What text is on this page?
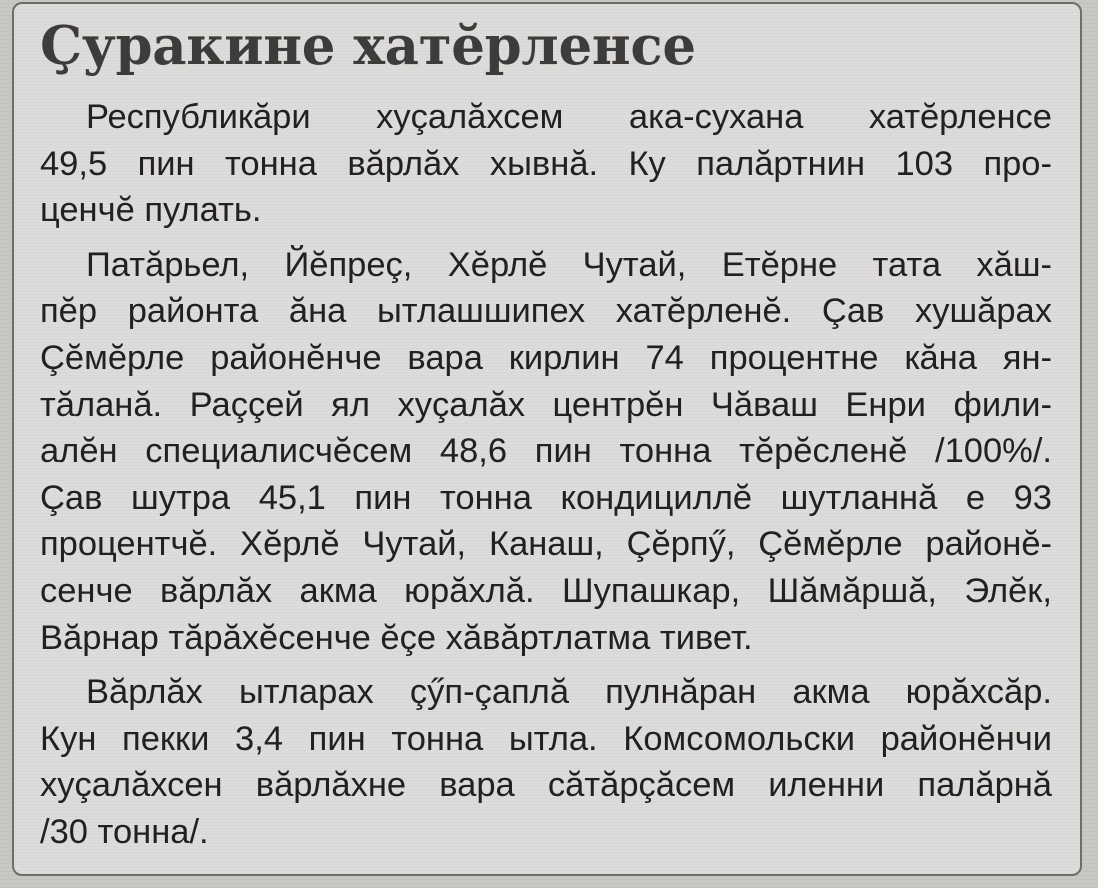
Çуракине хатĕрленсе

Республикăри хуçалăхсем ака-сухана хатĕрленсе
49,5 пин тонна вăрлăх хывнă. Ку палăртнин 103 про-
ценчĕ пулать.

Патăрьел, Йĕпреç, Хĕрлĕ Чутай, Етĕрне тата хăш-
пĕр районта ăна ытлашшипех хатĕрленĕ. Çав хушăрах
Çĕмĕрле районĕнче вара кирлин 74 процентне кăна ян-
тăланă. Раççей ял хуçалăх центрĕн Чăваш Енри фили-
алĕн специалисчĕсем 48,6 пин тонна тĕрĕсленĕ /100%/.
Çав шутра 45,1 пин тонна кондициллĕ шутланнă е 93
процентчĕ. Хĕрлĕ Чутай, Канаш, Çĕрпӳ, Çĕмĕрле районĕ-
сенче вăрлăх акма юрăхлă. Шупашкар, Шăмăршă, Элĕк,
Вăрнар тăрăхĕсенче ĕçе хăвăртлатма тивет.

Вăрлăх ытларах çӳп-çаплă пулнăран акма юрăхсăр.
Кун пекки 3,4 пин тонна ытла. Комсомольски районĕнчи
хуçалăхсен вăрлăхне вара сăтăрçăсем иленни палăрнă
/30 тонна/.
